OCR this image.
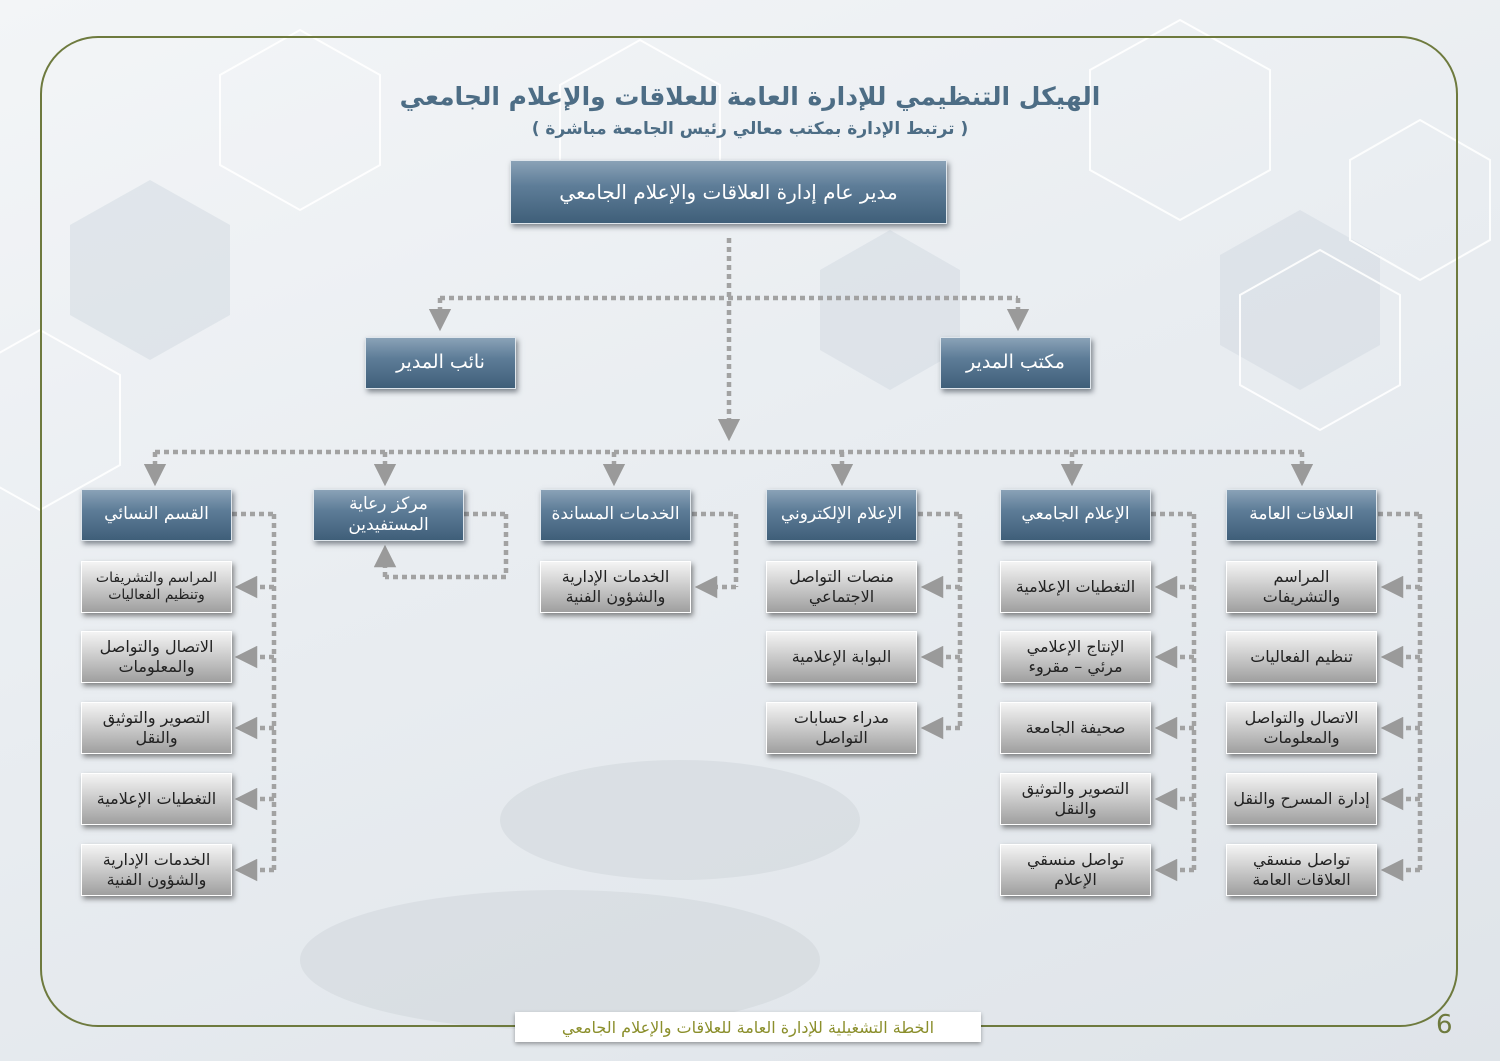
الهيكل التنظيمي للإدارة العامة للعلاقات والإعلام الجامعي
( ترتبط الإدارة بمكتب معالي رئيس الجامعة مباشرة )
مدير عام إدارة العلاقات والإعلام الجامعي
مكتب المدير
نائب المدير
العلاقات العامة
الإعلام الجامعي
الإعلام الإلكتروني
الخدمات المساندة
مركز رعاية المستفيدين
القسم النسائي
المراسم والتشريفات
تنظيم الفعاليات
الاتصال والتواصل والمعلومات
إدارة المسرح والنقل
تواصل منسقي العلاقات العامة
التغطيات الإعلامية
الإنتاج الإعلامي مرئي – مقروء
صحيفة الجامعة
التصوير والتوثيق والنقل
تواصل منسقي الإعلام
منصات التواصل الاجتماعي
البوابة الإعلامية
مدراء حسابات التواصل
الخدمات الإدارية والشؤون الفنية
المراسم والتشريفات وتنظيم الفعاليات
الاتصال والتواصل والمعلومات
التصوير والتوثيق والنقل
التغطيات الإعلامية
الخدمات الإدارية والشؤون الفنية
الخطة التشغيلية للإدارة العامة للعلاقات والإعلام الجامعي	6
